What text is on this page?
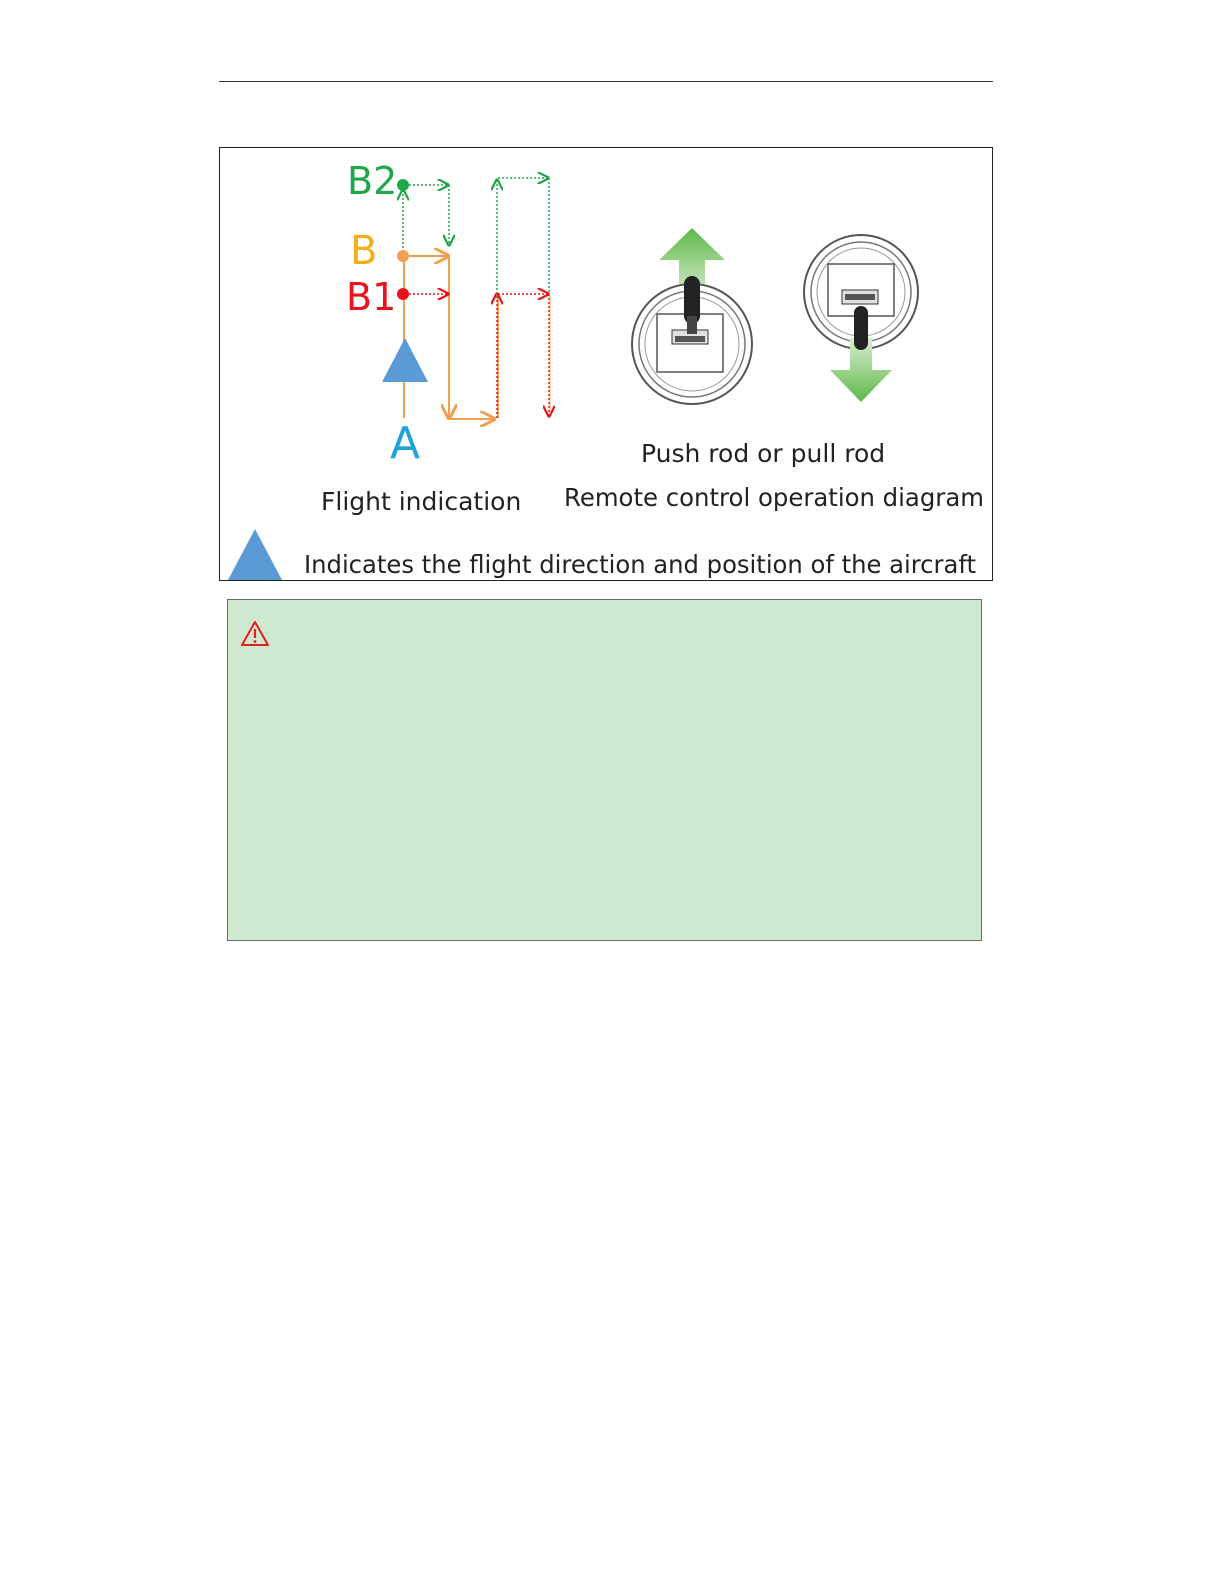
B2
B
B1
A	Push rod or pull rod
Flight indication Remote control operation diagram
Indicates the flight direction and position of the aircraft
